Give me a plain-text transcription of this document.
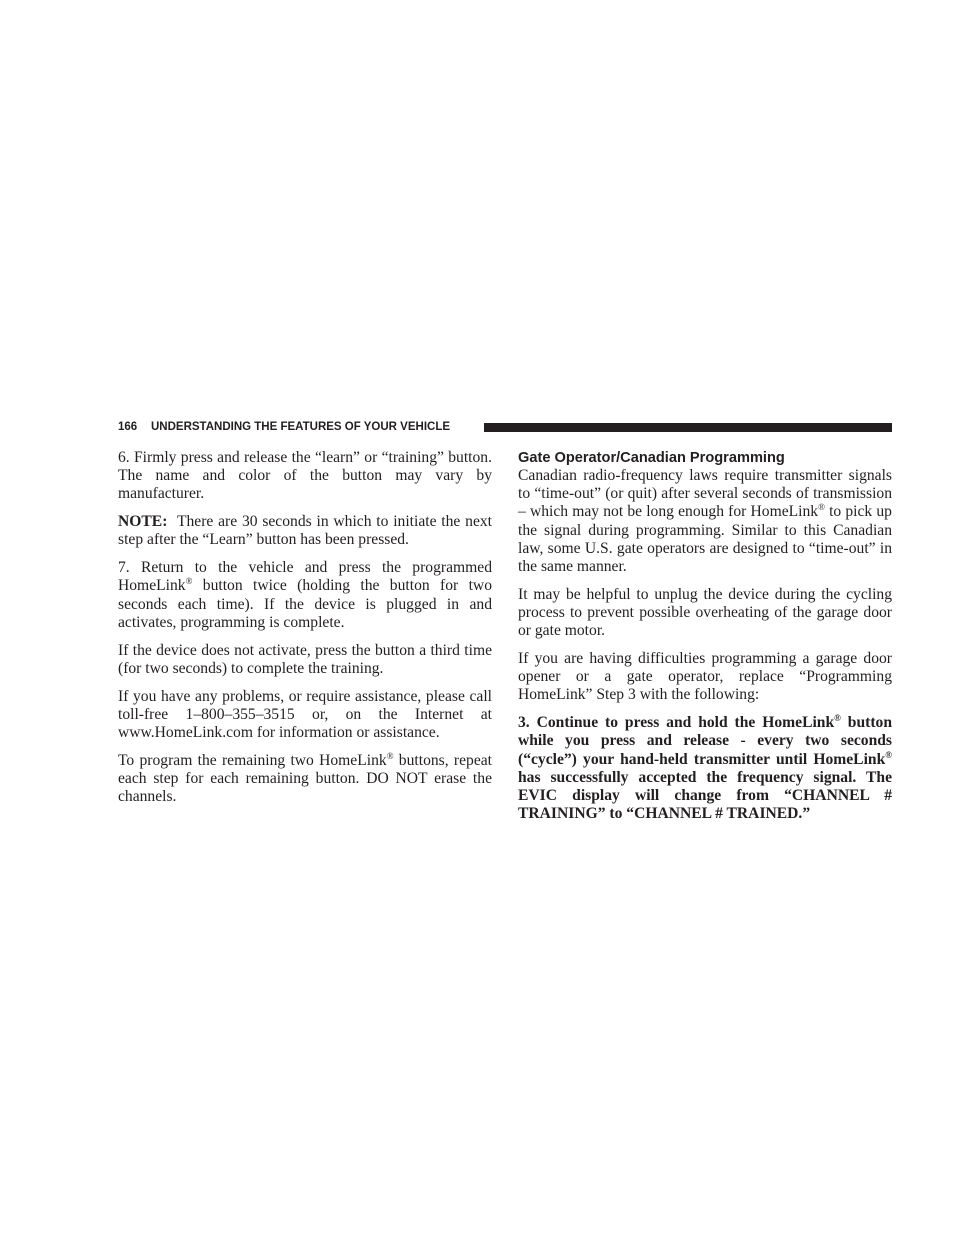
166 UNDERSTANDING THE FEATURES OF YOUR VEHICLE

6. Firmly press and release the “learn” or “training” button. The name and color of the button may vary by manufacturer.

NOTE: There are 30 seconds in which to initiate the next step after the “Learn” button has been pressed.

7. Return to the vehicle and press the programmed HomeLink® button twice (holding the button for two seconds each time). If the device is plugged in and activates, programming is complete.

If the device does not activate, press the button a third time (for two seconds) to complete the training.

If you have any problems, or require assistance, please call toll-free 1–800–355–3515 or, on the Internet at www.HomeLink.com for information or assistance.

To program the remaining two HomeLink® buttons, repeat each step for each remaining button. DO NOT erase the channels.

Gate Operator/Canadian Programming

Canadian radio-frequency laws require transmitter signals to “time-out” (or quit) after several seconds of transmission – which may not be long enough for HomeLink® to pick up the signal during programming. Similar to this Canadian law, some U.S. gate operators are designed to “time-out” in the same manner.

It may be helpful to unplug the device during the cycling process to prevent possible overheating of the garage door or gate motor.

If you are having difficulties programming a garage door opener or a gate operator, replace “Programming HomeLink” Step 3 with the following:

3. Continue to press and hold the HomeLink® button while you press and release - every two seconds (“cycle”) your hand-held transmitter until HomeLink® has successfully accepted the frequency signal. The EVIC display will change from “CHANNEL # TRAINING” to “CHANNEL # TRAINED.”
